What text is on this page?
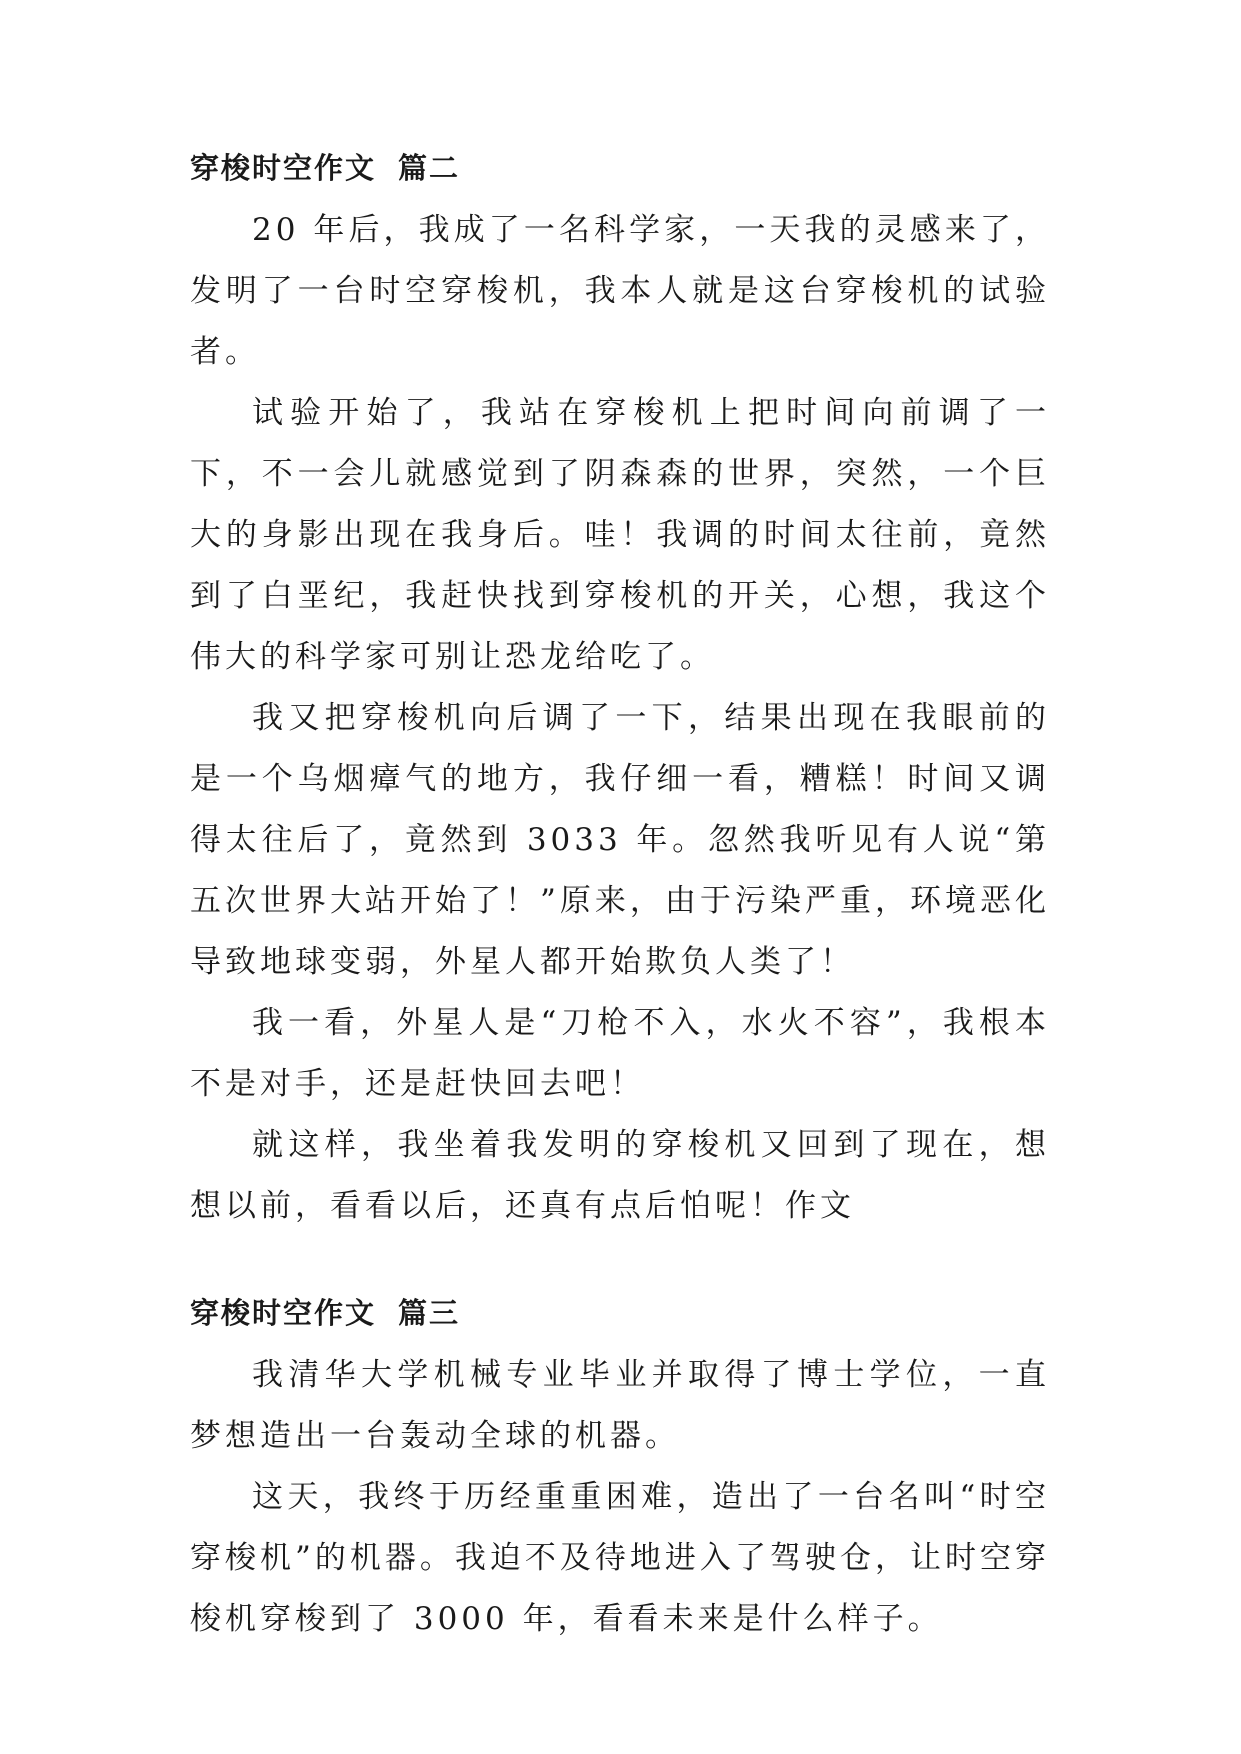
穿梭时空作文 篇二

20 年后，我成了一名科学家，一天我的灵感来了，发明了一台时空穿梭机，我本人就是这台穿梭机的试验者。

试验开始了，我站在穿梭机上把时间向前调了一下，不一会儿就感觉到了阴森森的世界，突然，一个巨大的身影出现在我身后。哇！我调的时间太往前，竟然到了白垩纪，我赶快找到穿梭机的开关，心想，我这个伟大的科学家可别让恐龙给吃了。

我又把穿梭机向后调了一下，结果出现在我眼前的是一个乌烟瘴气的地方，我仔细一看，糟糕！时间又调得太往后了，竟然到 3033 年。忽然我听见有人说“第五次世界大站开始了！”原来，由于污染严重，环境恶化导致地球变弱，外星人都开始欺负人类了！

我一看，外星人是“刀枪不入，水火不容”，我根本不是对手，还是赶快回去吧！

就这样，我坐着我发明的穿梭机又回到了现在，想想以前，看看以后，还真有点后怕呢！作文

穿梭时空作文 篇三

我清华大学机械专业毕业并取得了博士学位，一直梦想造出一台轰动全球的机器。

这天，我终于历经重重困难，造出了一台名叫“时空穿梭机”的机器。我迫不及待地进入了驾驶仓，让时空穿梭机穿梭到了 3000 年，看看未来是什么样子。
